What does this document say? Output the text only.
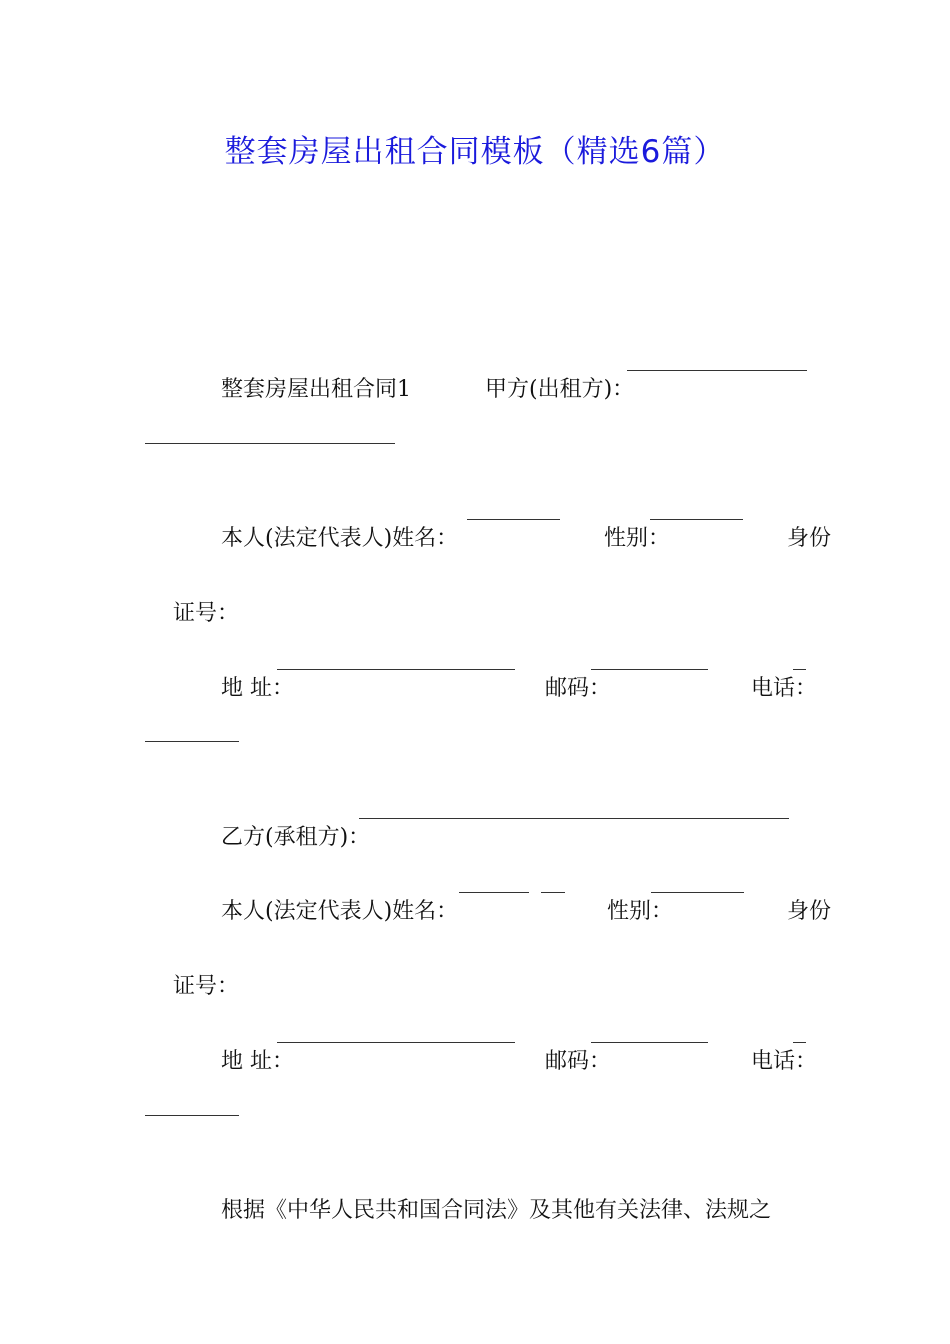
整套房屋出租合同模板（精选6篇）

整套房屋出租合同1
	甲方(出租方)：

本人(法定代表人)姓名：
	性别：
	身份

证号：

地 址：
	邮码：
	电话：

乙方(承租方)：

本人(法定代表人)姓名：
	性别：
	身份

证号：

地 址：
	邮码：
	电话：

根据《中华人民共和国合同法》及其他有关法律、法规之
